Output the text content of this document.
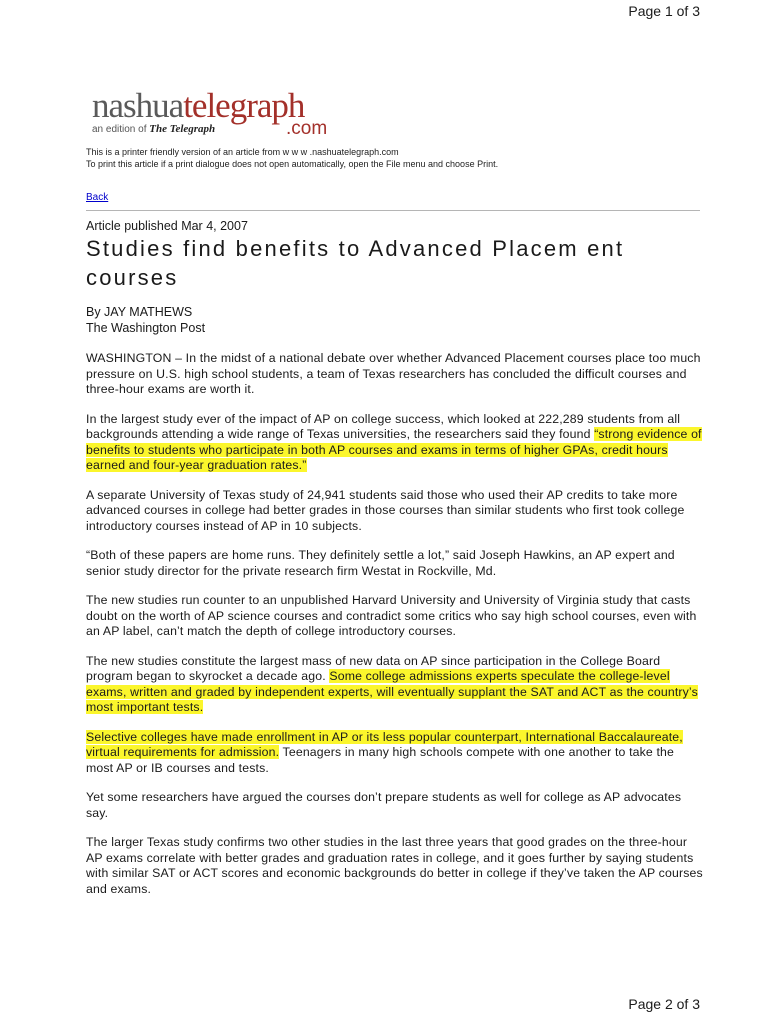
Page 1 of 3
nashuatelegraph
.com
an edition of The Telegraph
This is a printer friendly version of an article from w w w .nashuatelegraph.com
To print this article if a print dialogue does not open automatically, open the File menu and choose Print.
Back
Article published Mar 4, 2007
Studies find benefits to Advanced Placem ent courses
By JAY MATHEWS
The Washington Post

WASHINGTON – In the midst of a national debate over whether Advanced Placement courses place too much pressure on U.S. high school students, a team of Texas researchers has concluded the difficult courses and three-hour exams are worth it.

In the largest study ever of the impact of AP on college success, which looked at 222,289 students from all backgrounds attending a wide range of Texas universities, the researchers said they found “strong evidence of benefits to students who participate in both AP courses and exams in terms of higher GPAs, credit hours earned and four-year graduation rates.”

A separate University of Texas study of 24,941 students said those who used their AP credits to take more advanced courses in college had better grades in those courses than similar students who first took college introductory courses instead of AP in 10 subjects.

“Both of these papers are home runs. They definitely settle a lot,” said Joseph Hawkins, an AP expert and senior study director for the private research firm Westat in Rockville, Md.

The new studies run counter to an unpublished Harvard University and University of Virginia study that casts doubt on the worth of AP science courses and contradict some critics who say high school courses, even with an AP label, can’t match the depth of college introductory courses.

The new studies constitute the largest mass of new data on AP since participation in the College Board program began to skyrocket a decade ago. Some college admissions experts speculate the college-level exams, written and graded by independent experts, will eventually supplant the SAT and ACT as the country’s most important tests.

Selective colleges have made enrollment in AP or its less popular counterpart, International Baccalaureate, virtual requirements for admission. Teenagers in many high schools compete with one another to take the most AP or IB courses and tests.

Yet some researchers have argued the courses don’t prepare students as well for college as AP advocates say.

The larger Texas study confirms two other studies in the last three years that good grades on the three-hour AP exams correlate with better grades and graduation rates in college, and it goes further by saying students with similar SAT or ACT scores and economic backgrounds do better in college if they’ve taken the AP courses and exams.

Page 2 of 3
